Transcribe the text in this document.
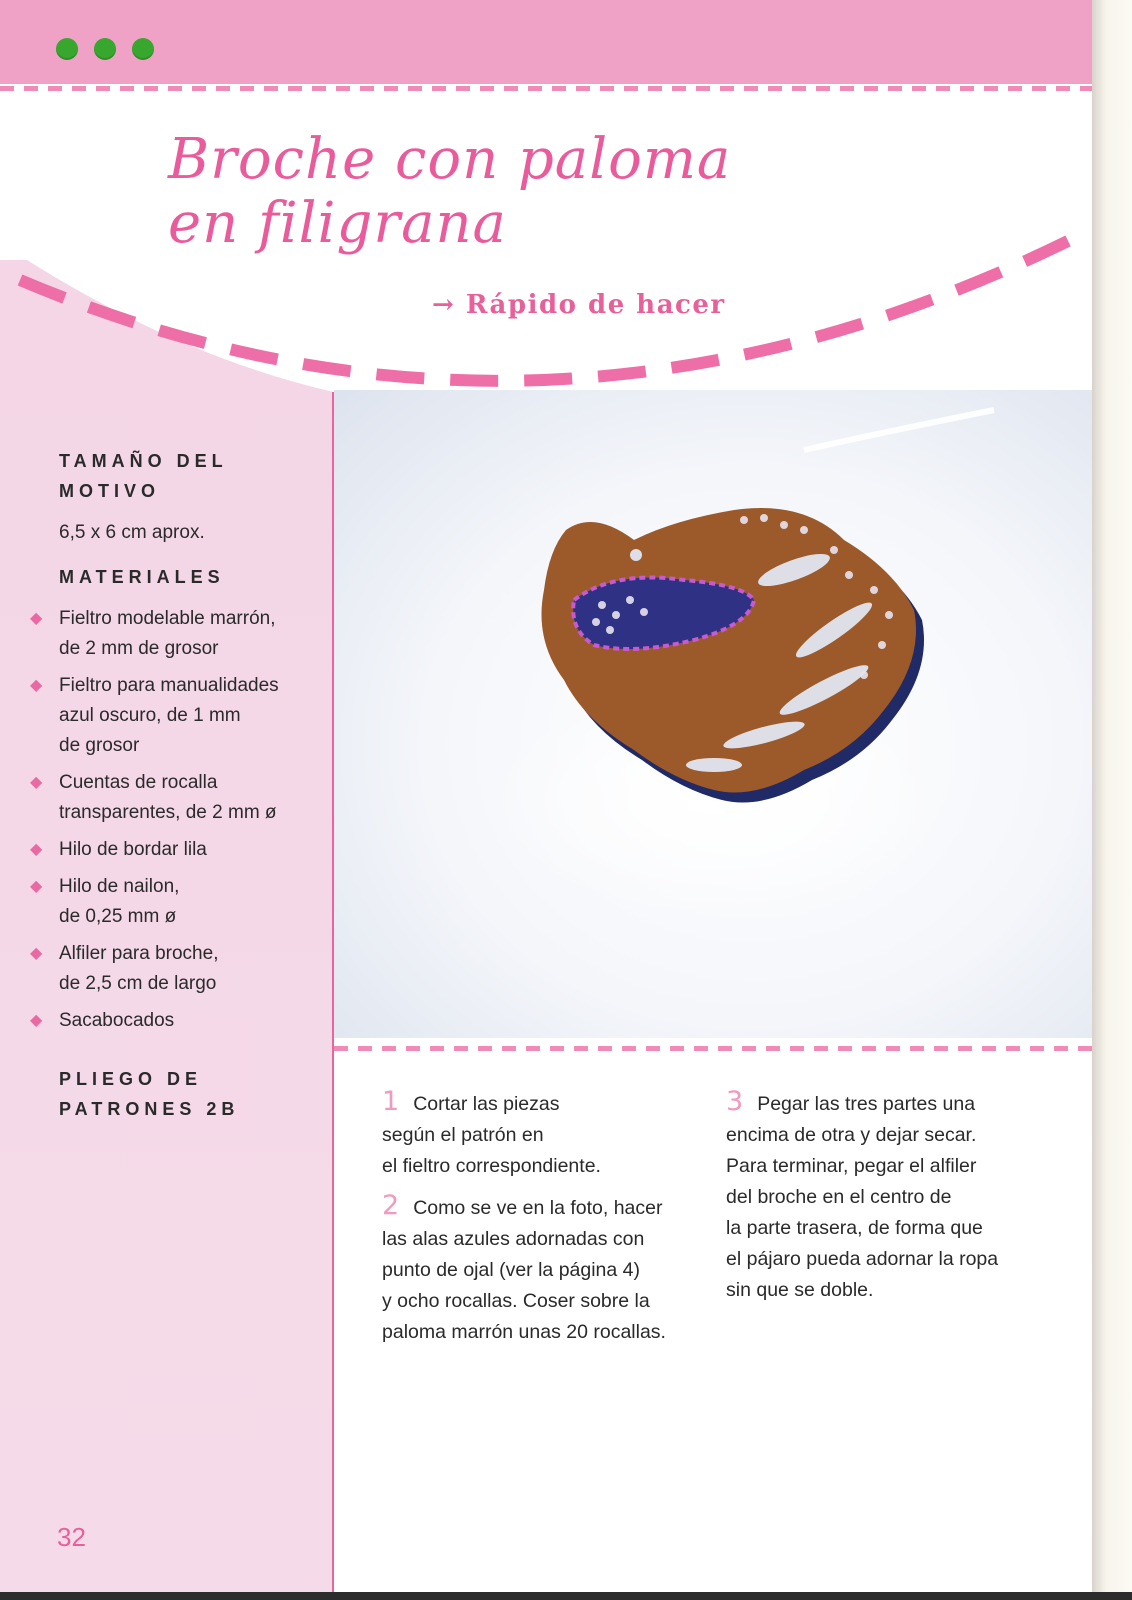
Broche con paloma
en filigrana
→ Rápido de hacer
TAMAÑO DEL
MOTIVO
6,5 x 6 cm aprox.
MATERIALES
◆ Fieltro modelable marrón,
de 2 mm de grosor
◆ Fieltro para manualidades
azul oscuro, de 1 mm
de grosor
◆ Cuentas de rocalla
transparentes, de 2 mm ø
◆ Hilo de bordar lila
◆ Hilo de nailon,
de 0,25 mm ø
◆ Alfiler para broche,
de 2,5 cm de largo
◆ Sacabocados
PLIEGO DE
PATRONES 2B	1 Cortar las piezas
según el patrón en
el fieltro correspondiente.
2 Como se ve en la foto, hacer
las alas azules adornadas con
punto de ojal (ver la página 4)
y ocho rocallas. Coser sobre la
paloma marrón unas 20 rocallas.
3 Pegar las tres partes una
encima de otra y dejar secar.
Para terminar, pegar el alfiler
del broche en el centro de
la parte trasera, de forma que
el pájaro pueda adornar la ropa
sin que se doble.
32
